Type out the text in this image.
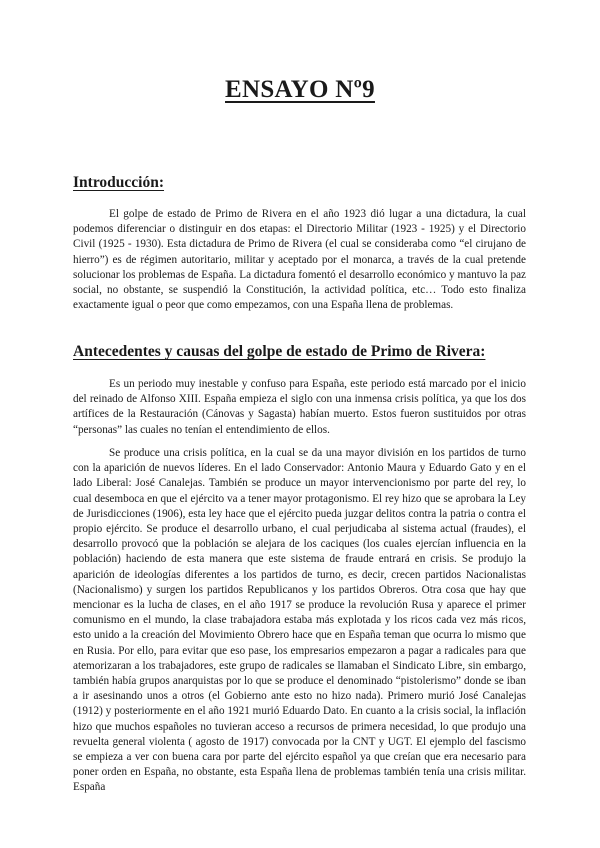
ENSAYO Nº9
Introducción:

El golpe de estado de Primo de Rivera en el año 1923 dió lugar a una dictadura, la cual podemos diferenciar o distinguir en dos etapas: el Directorio Militar (1923 - 1925) y el Directorio Civil (1925 - 1930). Esta dictadura de Primo de Rivera (el cual se consideraba como “el cirujano de hierro”) es de régimen autoritario, militar y aceptado por el monarca, a través de la cual pretende solucionar los problemas de España. La dictadura fomentó el desarrollo económico y mantuvo la paz social, no obstante, se suspendió la Constitución, la actividad política, etc… Todo esto finaliza exactamente igual o peor que como empezamos, con una España llena de problemas.

Antecedentes y causas del golpe de estado de Primo de Rivera:

Es un periodo muy inestable y confuso para España, este periodo está marcado por el inicio del reinado de Alfonso XIII. España empieza el siglo con una inmensa crisis política, ya que los dos artífices de la Restauración (Cánovas y Sagasta) habían muerto. Estos fueron sustituidos por otras “personas” las cuales no tenían el entendimiento de ellos.

Se produce una crisis política, en la cual se da una mayor división en los partidos de turno con la aparición de nuevos líderes. En el lado Conservador: Antonio Maura y Eduardo Gato y en el lado Liberal: José Canalejas. También se produce un mayor intervencionismo por parte del rey, lo cual desemboca en que el ejército va a tener mayor protagonismo. El rey hizo que se aprobara la Ley de Jurisdicciones (1906), esta ley hace que el ejército pueda juzgar delitos contra la patria o contra el propio ejército. Se produce el desarrollo urbano, el cual perjudicaba al sistema actual (fraudes), el desarrollo provocó que la población se alejara de los caciques (los cuales ejercían influencia en la población) haciendo de esta manera que este sistema de fraude entrará en crisis. Se produjo la aparición de ideologías diferentes a los partidos de turno, es decir, crecen partidos Nacionalistas (Nacionalismo) y surgen los partidos Republicanos y los partidos Obreros. Otra cosa que hay que mencionar es la lucha de clases, en el año 1917 se produce la revolución Rusa y aparece el primer comunismo en el mundo, la clase trabajadora estaba más explotada y los ricos cada vez más ricos, esto unido a la creación del Movimiento Obrero hace que en España teman que ocurra lo mismo que en Rusia. Por ello, para evitar que eso pase, los empresarios empezaron a pagar a radicales para que atemorizaran a los trabajadores, este grupo de radicales se llamaban el Sindicato Libre, sin embargo, también había grupos anarquistas por lo que se produce el denominado “pistolerismo” donde se iban a ir asesinando unos a otros (el Gobierno ante esto no hizo nada). Primero murió José Canalejas (1912) y posteriormente en el año 1921 murió Eduardo Dato. En cuanto a la crisis social, la inflación hizo que muchos españoles no tuvieran acceso a recursos de primera necesidad, lo que produjo una revuelta general violenta ( agosto de 1917) convocada por la CNT y UGT. El ejemplo del fascismo se empieza a ver con buena cara por parte del ejército español ya que creían que era necesario para poner orden en España, no obstante, esta España llena de problemas también tenía una crisis militar. España
